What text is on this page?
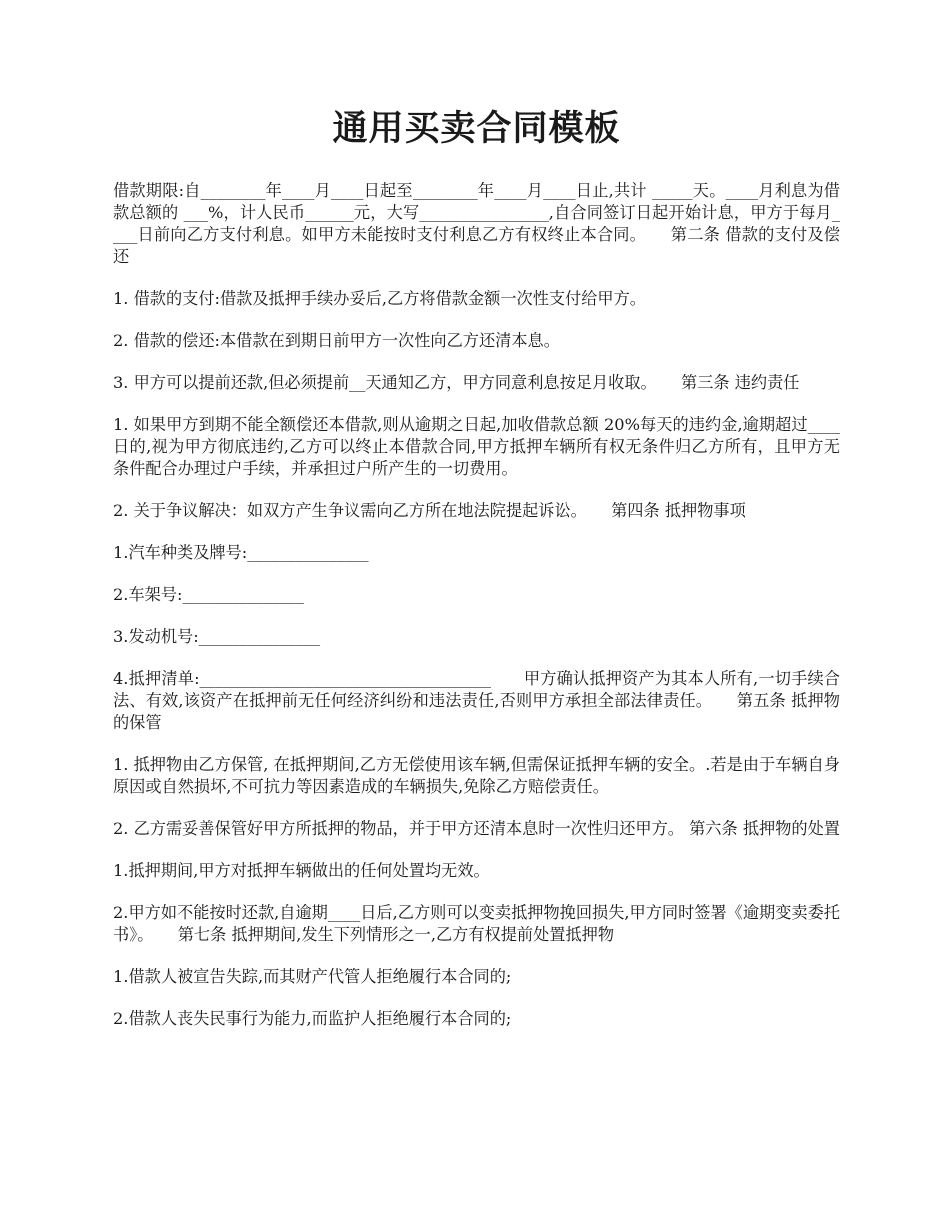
通用买卖合同模板

借款期限:自________年____月____日起至________年____月____日止,共计 _____天。____月利息为借款总额的 ___%，计人民币______元，大写________________,自合同签订日起开始计息，甲方于每月____日前向乙方支付利息。如甲方未能按时支付利息乙方有权终止本合同。　　第二条 借款的支付及偿还

1. 借款的支付:借款及抵押手续办妥后,乙方将借款金额一次性支付给甲方。

2. 借款的偿还:本借款在到期日前甲方一次性向乙方还清本息。

3. 甲方可以提前还款,但必须提前__天通知乙方，甲方同意利息按足月收取。　　第三条 违约责任

1. 如果甲方到期不能全额偿还本借款,则从逾期之日起,加收借款总额 20%每天的违约金,逾期超过____日的,视为甲方彻底违约,乙方可以终止本借款合同,甲方抵押车辆所有权无条件归乙方所有，且甲方无条件配合办理过户手续，并承担过户所产生的一切费用。

2. 关于争议解决：如双方产生争议需向乙方所在地法院提起诉讼。　　第四条 抵押物事项

1.汽车种类及牌号:_______________

2.车架号:_______________

3.发动机号:_______________

4.抵押清单:____________________________________　　甲方确认抵押资产为其本人所有,一切手续合法、有效,该资产在抵押前无任何经济纠纷和违法责任,否则甲方承担全部法律责任。　　第五条 抵押物的保管

1. 抵押物由乙方保管, 在抵押期间,乙方无偿使用该车辆,但需保证抵押车辆的安全。.若是由于车辆自身原因或自然损坏,不可抗力等因素造成的车辆损失,免除乙方赔偿责任。

2. 乙方需妥善保管好甲方所抵押的物品，并于甲方还清本息时一次性归还甲方。 第六条 抵押物的处置

1.抵押期间,甲方对抵押车辆做出的任何处置均无效。

2.甲方如不能按时还款,自逾期____日后,乙方则可以变卖抵押物挽回损失,甲方同时签署《逾期变卖委托书》。　　第七条 抵押期间,发生下列情形之一,乙方有权提前处置抵押物

1.借款人被宣告失踪,而其财产代管人拒绝履行本合同的;

2.借款人丧失民事行为能力,而监护人拒绝履行本合同的;
